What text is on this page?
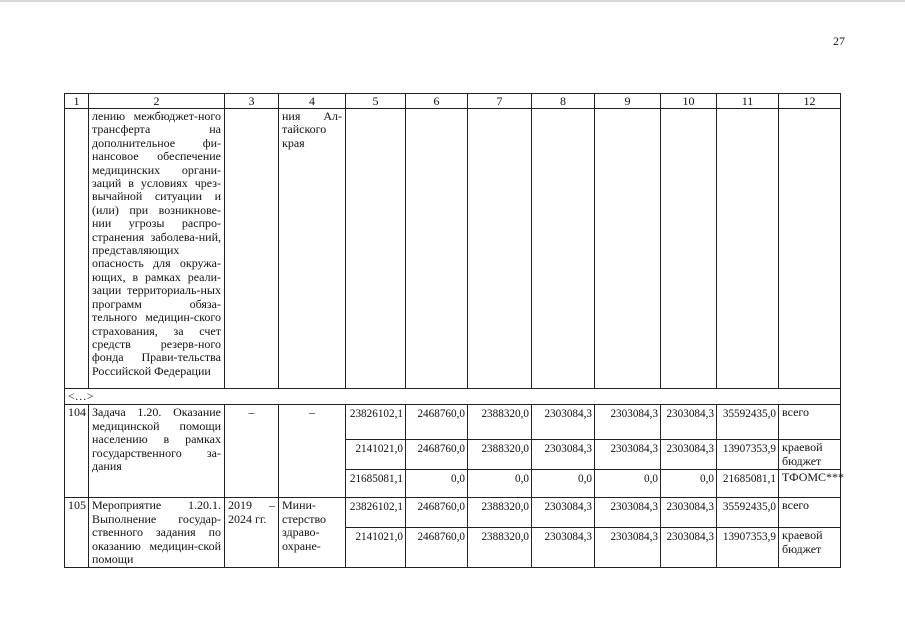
27
1	2	3	4	5	6	7	8	9	10	11	12
	лению межбюджет-ного трансферта на дополнительное фи-нансовое обеспечение медицинских органи-заций в условиях чрез-вычайной ситуации и (или) при возникнове-нии угрозы распро-странения заболева-ний, представляющих опасность для окружа-ющих, в рамках реали-зации территориаль-ных программ обяза-тельного медицин-ского страхования, за счет средств резерв-ного фонда Прави-тельства Российской Федерации		ния Ал-тайского края								
<…>											
104	Задача 1.20. Оказание медицинской помощи населению в рамках государственного за-дания	–	–	23826102,1	2468760,0	2388320,0	2303084,3	2303084,3	2303084,3	35592435,0	всего
				2141021,0	2468760,0	2388320,0	2303084,3	2303084,3	2303084,3	13907353,9	краевой бюджет
				21685081,1	0,0	0,0	0,0	0,0	0,0	21685081,1	ТФОМС***
105	Мероприятие 1.20.1. Выполнение государ-ственного задания по оказанию медицин-ской помощи	2019 – 2024 гг.	Мини-стерство здраво-охране-	23826102,1	2468760,0	2388320,0	2303084,3	2303084,3	2303084,3	35592435,0	всего
				2141021,0	2468760,0	2388320,0	2303084,3	2303084,3	2303084,3	13907353,9	краевой бюджет
